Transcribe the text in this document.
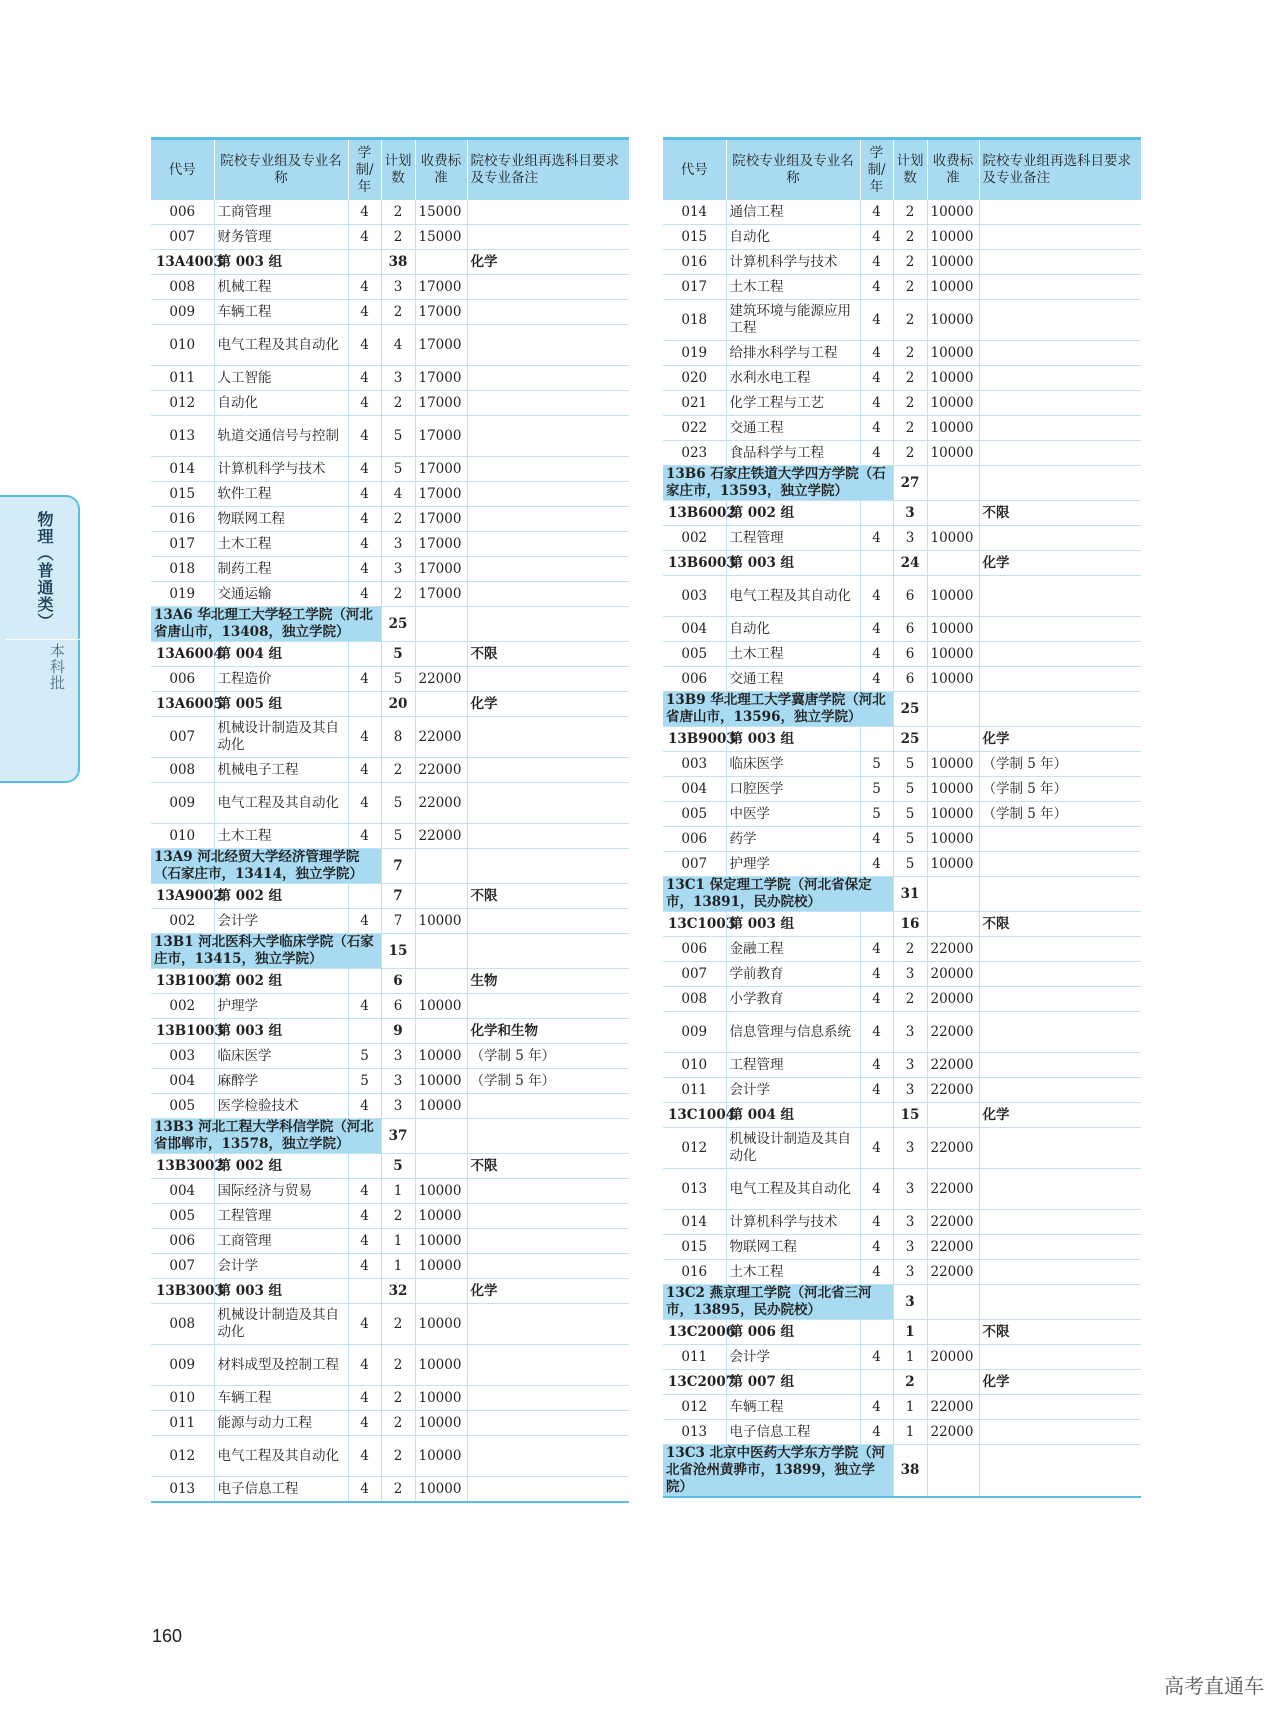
物理（普通类）
本科批
代号	院校专业组及专业名称	学制/年	计划数	收费标准	院校专业组再选科目要求及专业备注
006	工商管理	4	2	15000	
007	财务管理	4	2	15000	
13A4003	第 003 组		38		化学
008	机械工程	4	3	17000	
009	车辆工程	4	2	17000	
010	电气工程及其自动化	4	4	17000	
011	人工智能	4	3	17000	
012	自动化	4	2	17000	
013	轨道交通信号与控制	4	5	17000	
014	计算机科学与技术	4	5	17000	
015	软件工程	4	4	17000	
016	物联网工程	4	2	17000	
017	土木工程	4	3	17000	
018	制药工程	4	3	17000	
019	交通运输	4	2	17000	
13A6 华北理工大学轻工学院（河北省唐山市，13408，独立学院）			25		
13A6004	第 004 组		5		不限
006	工程造价	4	5	22000	
13A6005	第 005 组		20		化学
007	机械设计制造及其自动化	4	8	22000	
008	机械电子工程	4	2	22000	
009	电气工程及其自动化	4	5	22000	
010	土木工程	4	5	22000	
13A9 河北经贸大学经济管理学院（石家庄市，13414，独立学院）			7		
13A9002	第 002 组		7		不限
002	会计学	4	7	10000	
13B1 河北医科大学临床学院（石家庄市，13415，独立学院）			15		
13B1002	第 002 组		6		生物
002	护理学	4	6	10000	
13B1003	第 003 组		9		化学和生物
003	临床医学	5	3	10000	（学制 5 年）
004	麻醉学	5	3	10000	（学制 5 年）
005	医学检验技术	4	3	10000	
13B3 河北工程大学科信学院（河北省邯郸市，13578，独立学院）			37		
13B3002	第 002 组		5		不限
004	国际经济与贸易	4	1	10000	
005	工程管理	4	2	10000	
006	工商管理	4	1	10000	
007	会计学	4	1	10000	
13B3003	第 003 组		32		化学
008	机械设计制造及其自动化	4	2	10000	
009	材料成型及控制工程	4	2	10000	
010	车辆工程	4	2	10000	
011	能源与动力工程	4	2	10000	
012	电气工程及其自动化	4	2	10000	
013	电子信息工程	4	2	10000	
代号	院校专业组及专业名称	学制/年	计划数	收费标准	院校专业组再选科目要求及专业备注
014	通信工程	4	2	10000	
015	自动化	4	2	10000	
016	计算机科学与技术	4	2	10000	
017	土木工程	4	2	10000	
018	建筑环境与能源应用工程	4	2	10000	
019	给排水科学与工程	4	2	10000	
020	水利水电工程	4	2	10000	
021	化学工程与工艺	4	2	10000	
022	交通工程	4	2	10000	
023	食品科学与工程	4	2	10000	
13B6 石家庄铁道大学四方学院（石家庄市，13593，独立学院）			27		
13B6002	第 002 组		3		不限
002	工程管理	4	3	10000	
13B6003	第 003 组		24		化学
003	电气工程及其自动化	4	6	10000	
004	自动化	4	6	10000	
005	土木工程	4	6	10000	
006	交通工程	4	6	10000	
13B9 华北理工大学冀唐学院（河北省唐山市，13596，独立学院）			25		
13B9003	第 003 组		25		化学
003	临床医学	5	5	10000	（学制 5 年）
004	口腔医学	5	5	10000	（学制 5 年）
005	中医学	5	5	10000	（学制 5 年）
006	药学	4	5	10000	
007	护理学	4	5	10000	
13C1 保定理工学院（河北省保定市，13891，民办院校）			31		
13C1003	第 003 组		16		不限
006	金融工程	4	2	22000	
007	学前教育	4	3	20000	
008	小学教育	4	2	20000	
009	信息管理与信息系统	4	3	22000	
010	工程管理	4	3	22000	
011	会计学	4	3	22000	
13C1004	第 004 组		15		化学
012	机械设计制造及其自动化	4	3	22000	
013	电气工程及其自动化	4	3	22000	
014	计算机科学与技术	4	3	22000	
015	物联网工程	4	3	22000	
016	土木工程	4	3	22000	
13C2 燕京理工学院（河北省三河市，13895，民办院校）			3		
13C2006	第 006 组		1		不限
011	会计学	4	1	20000	
13C2007	第 007 组		2		化学
012	车辆工程	4	1	22000	
013	电子信息工程	4	1	22000	
13C3 北京中医药大学东方学院（河北省沧州黄骅市，13899，独立学院）			38		
160
高考直通车
